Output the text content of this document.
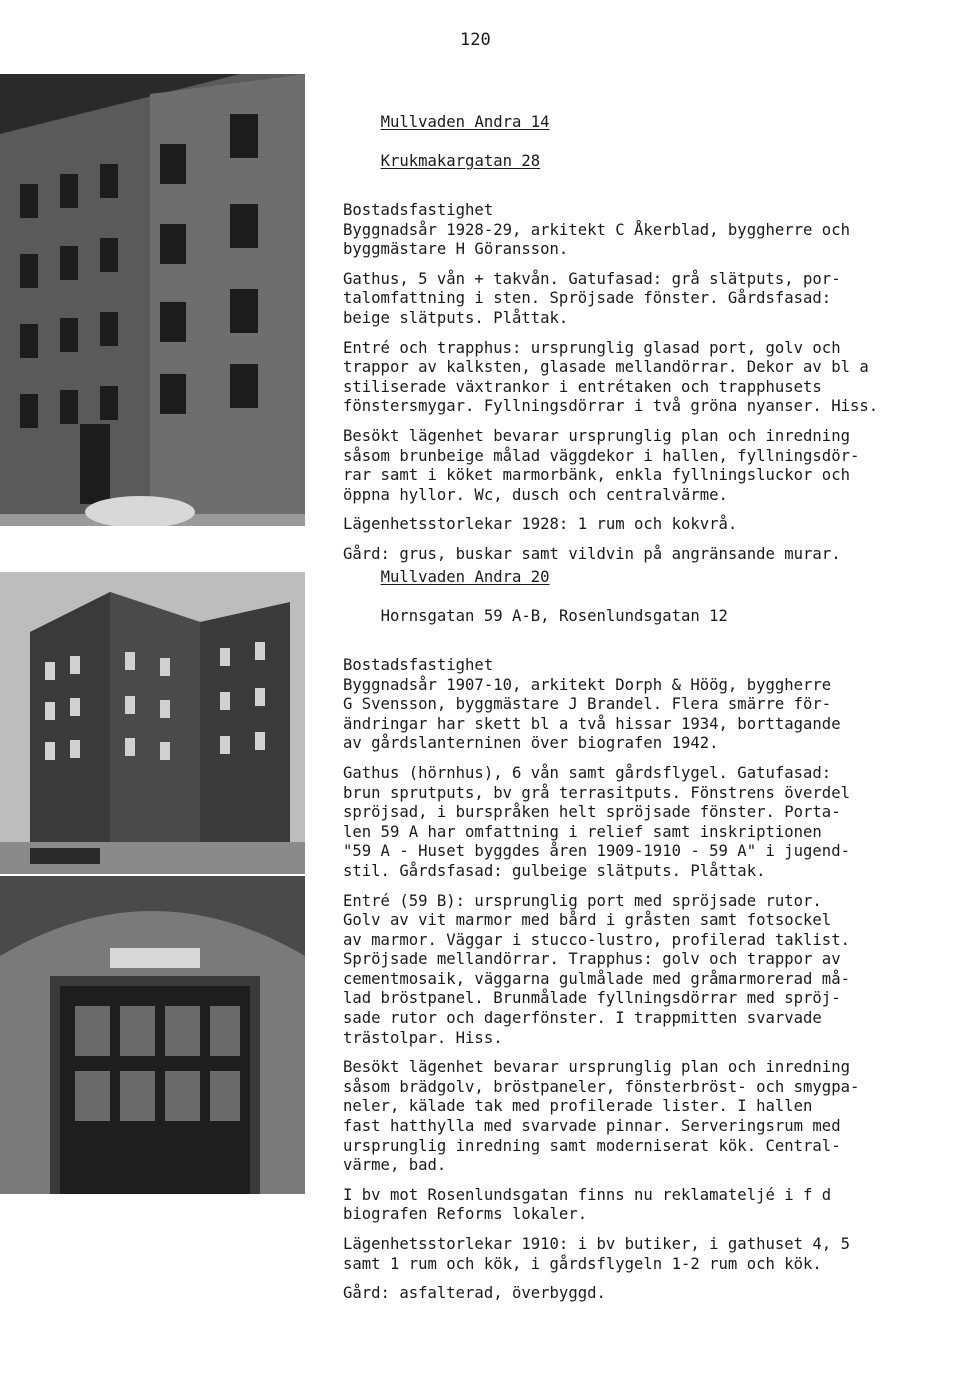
120

Mullvaden Andra 14

Krukmakargatan 28

Bostadsfastighet
Byggnadsår 1928-29, arkitekt C Åkerblad, byggherre och
byggmästare H Göransson.

Gathus, 5 vån + takvån. Gatufasad: grå slätputs, por-
talomfattning i sten. Spröjsade fönster. Gårdsfasad:
beige slätputs. Plåttak.

Entré och trapphus: ursprunglig glasad port, golv och
trappor av kalksten, glasade mellandörrar. Dekor av bl a
stiliserade växtrankor i entrétaken och trapphusets
fönstersmygar. Fyllningsdörrar i två gröna nyanser. Hiss.

Besökt lägenhet bevarar ursprunglig plan och inredning
såsom brunbeige målad väggdekor i hallen, fyllningsdör-
rar samt i köket marmorbänk, enkla fyllningsluckor och
öppna hyllor. Wc, dusch och centralvärme.

Lägenhetsstorlekar 1928: 1 rum och kokvrå.

Gård: grus, buskar samt vildvin på angränsande murar.

Mullvaden Andra 20

Hornsgatan 59 A-B, Rosenlundsgatan 12

Bostadsfastighet
Byggnadsår 1907-10, arkitekt Dorph & Höög, byggherre
G Svensson, byggmästare J Brandel. Flera smärre för-
ändringar har skett bl a två hissar 1934, borttagande
av gårdslanterninen över biografen 1942.

Gathus (hörnhus), 6 vån samt gårdsflygel. Gatufasad:
brun sprutputs, bv grå terrasitputs. Fönstrens överdel
spröjsad, i burspråken helt spröjsade fönster. Porta-
len 59 A har omfattning i relief samt inskriptionen
"59 A - Huset byggdes åren 1909-1910 - 59 A" i jugend-
stil. Gårdsfasad: gulbeige slätputs. Plåttak.

Entré (59 B): ursprunglig port med spröjsade rutor.
Golv av vit marmor med bård i gråsten samt fotsockel
av marmor. Väggar i stucco-lustro, profilerad taklist.
Spröjsade mellandörrar. Trapphus: golv och trappor av
cementmosaik, väggarna gulmålade med gråmarmorerad må-
lad bröstpanel. Brunmålade fyllningsdörrar med spröj-
sade rutor och dagerfönster. I trappmitten svarvade
trästolpar. Hiss.

Besökt lägenhet bevarar ursprunglig plan och inredning
såsom brädgolv, bröstpaneler, fönsterbröst- och smygpa-
neler, kälade tak med profilerade lister. I hallen
fast hatthylla med svarvade pinnar. Serveringsrum med
ursprunglig inredning samt moderniserat kök. Central-
värme, bad.

I bv mot Rosenlundsgatan finns nu reklamateljé i f d
biografen Reforms lokaler.

Lägenhetsstorlekar 1910: i bv butiker, i gathuset 4, 5
samt 1 rum och kök, i gårdsflygeln 1-2 rum och kök.

Gård: asfalterad, överbyggd.
